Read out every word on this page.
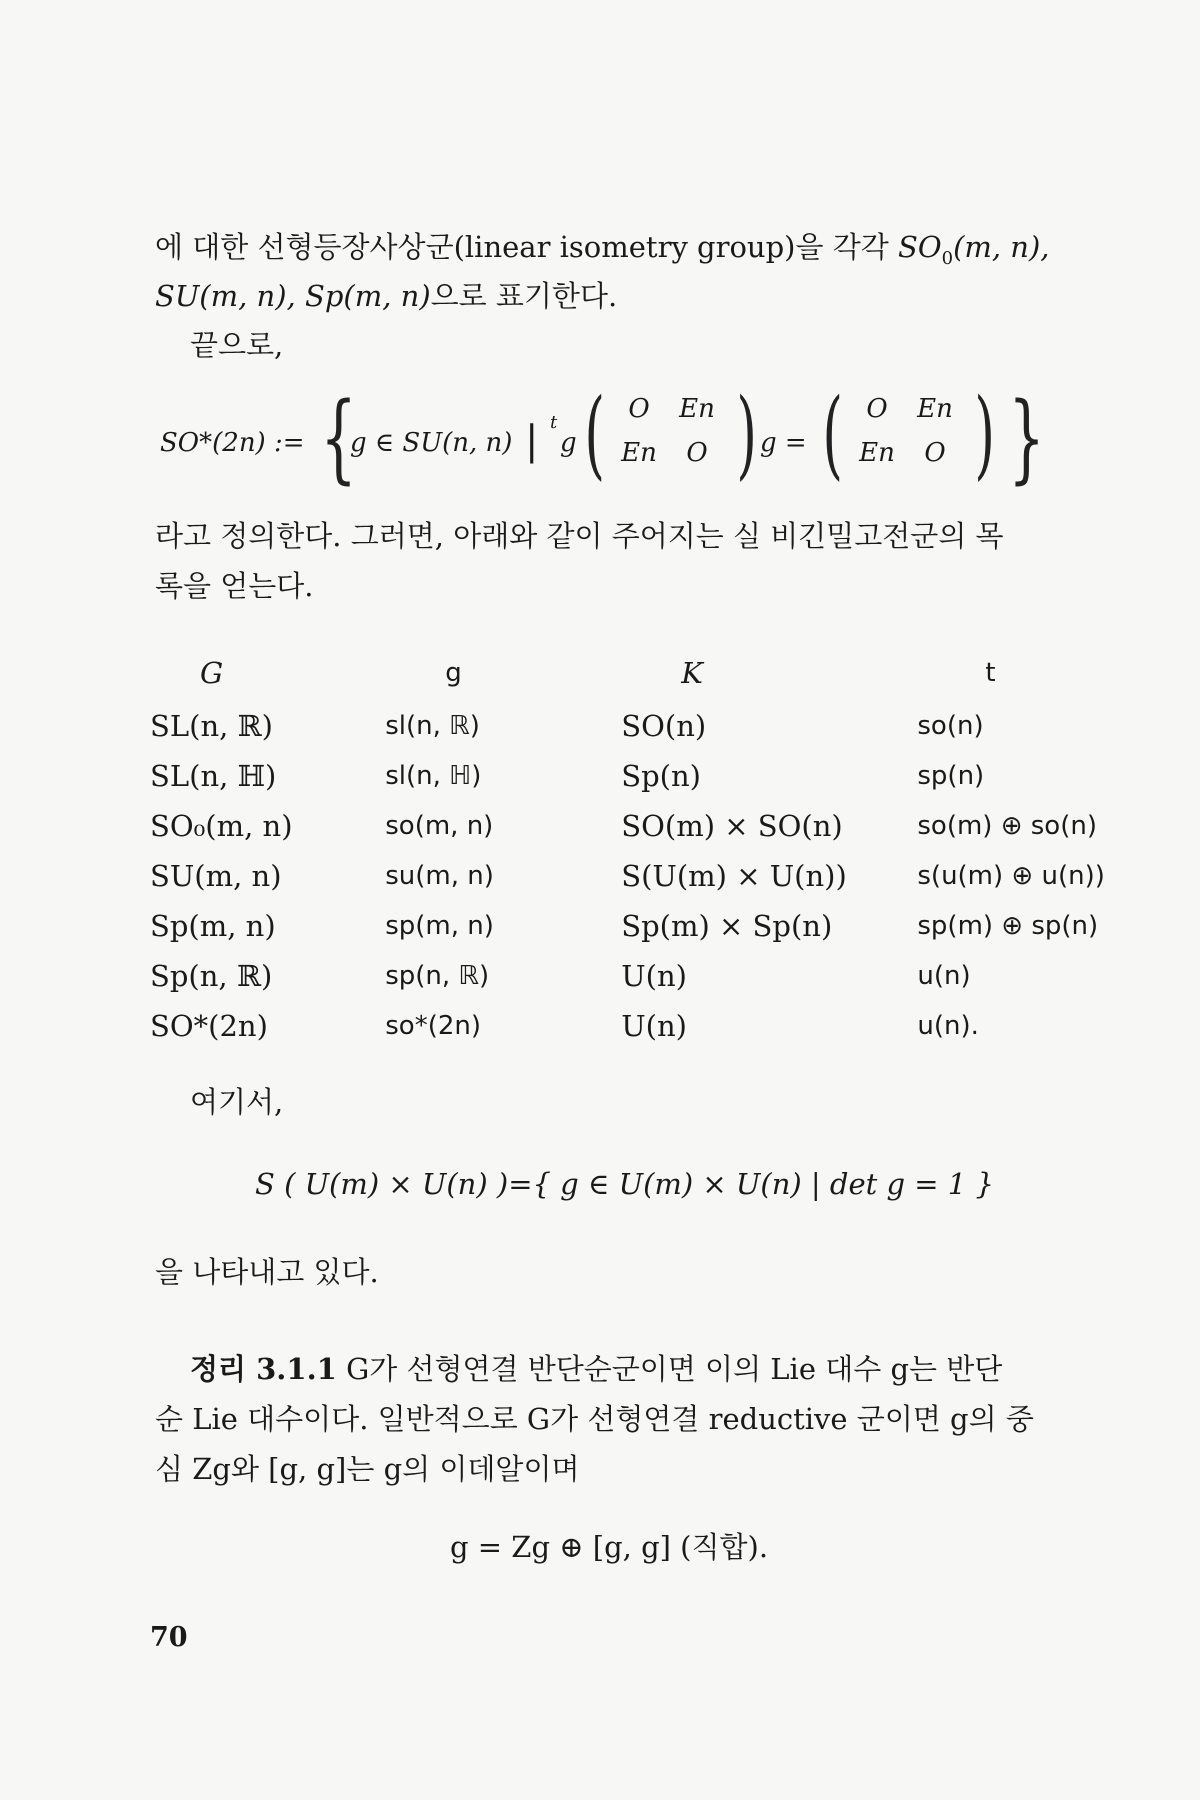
에 대한 선형등장사상군(linear isometry group)을 각각 $SO_0(m$, n),
SU(m, n), Sp(m, n)으로 표기한다.
끝으로,
SO*(2n) := {
g ∈ SU(n, n) | t
g ( O	En
En	O ) g = ( O	En
En	O ) }
라고 정의한다. 그러면, 아래와 같이 주어지는 실 비긴밀고전군의 목
록을 얻는다.
G	g	K	t
SL(n, ℝ)	sl(n, ℝ)	SO(n)	so(n)
SL(n, ℍ)	sl(n, ℍ)	Sp(n)	sp(n)
SO₀(m, n)	so(m, n)	SO(m) × SO(n)	so(m) ⊕ so(n)
SU(m, n)	su(m, n)	S(U(m) × U(n))	s(u(m) ⊕ u(n))
Sp(m, n)	sp(m, n)	Sp(m) × Sp(n)	sp(m) ⊕ sp(n)
Sp(n, ℝ)	sp(n, ℝ)	U(n)	u(n)
SO*(2n)	so*(2n)	U(n)	u(n).
여기서,
S ( U(m) × U(n) )={ g ∈ U(m) × U(n) | det g = 1 }
을 나타내고 있다.
정리 3.1.1 G가 선형연결 반단순군이면 이의 Lie 대수 g는 반단
순 Lie 대수이다. 일반적으로 G가 선형연결 reductive 군이면 g의 중
심 Zg와 [g, g]는 g의 이데알이며
g = Zg ⊕ [g, g] (직합).
70
